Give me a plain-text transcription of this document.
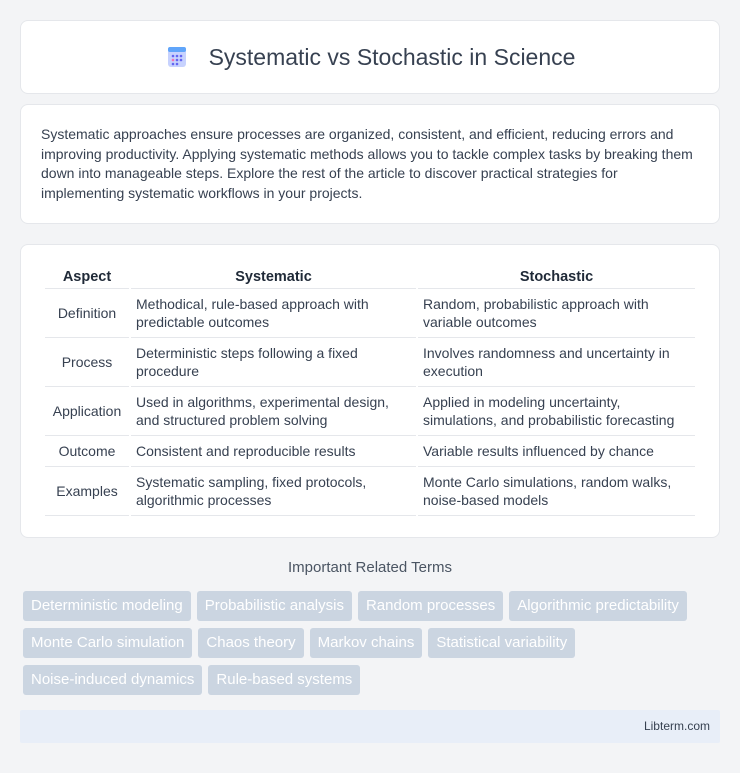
Systematic vs Stochastic in Science

Systematic approaches ensure processes are organized, consistent, and efficient, reducing errors and improving productivity. Applying systematic methods allows you to tackle complex tasks by breaking them down into manageable steps. Explore the rest of the article to discover practical strategies for implementing systematic workflows in your projects.

Aspect	Systematic	Stochastic
Definition	Methodical, rule-based approach with predictable outcomes	Random, probabilistic approach with variable outcomes
Process	Deterministic steps following a fixed procedure	Involves randomness and uncertainty in execution
Application	Used in algorithms, experimental design, and structured problem solving	Applied in modeling uncertainty, simulations, and probabilistic forecasting
Outcome	Consistent and reproducible results	Variable results influenced by chance
Examples	Systematic sampling, fixed protocols, algorithmic processes	Monte Carlo simulations, random walks, noise-based models
Important Related Terms
Deterministic modeling	Probabilistic analysis	Random processes	Algorithmic predictability
Monte Carlo simulation	Chaos theory	Markov chains	Statistical variability
Noise-induced dynamics	Rule-based systems
Libterm.com
